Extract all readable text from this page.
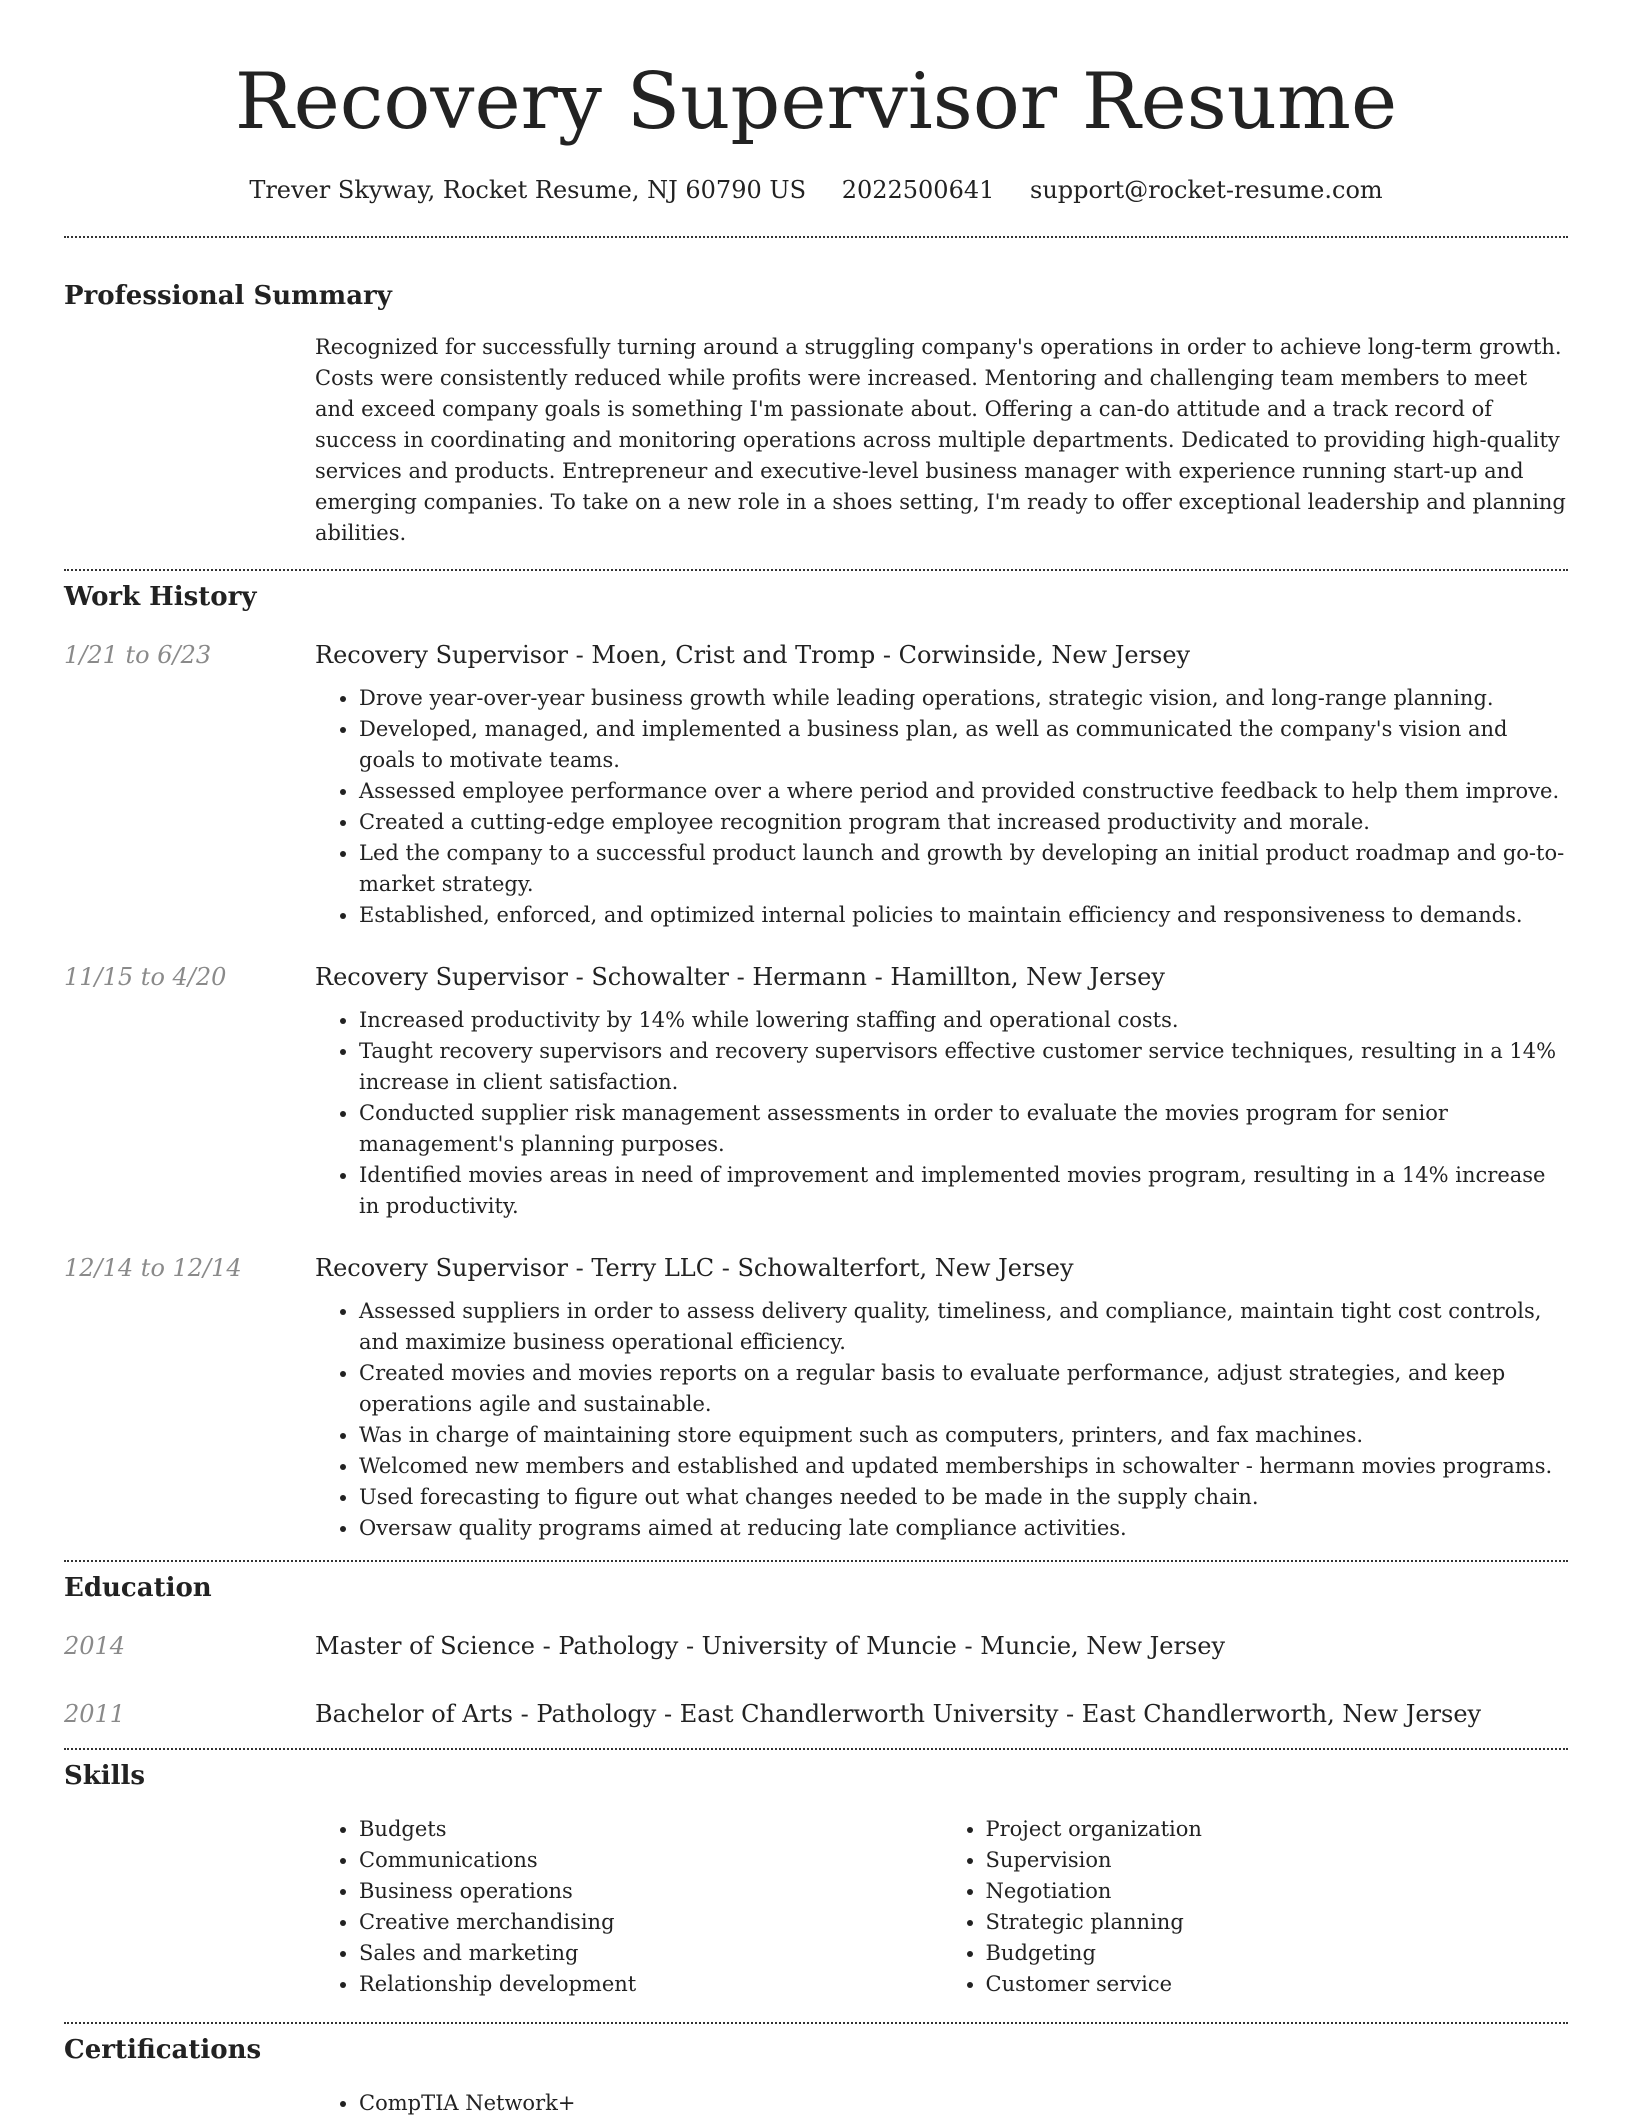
Recovery Supervisor Resume
Trever Skyway, Rocket Resume, NJ 60790 US 2022500641 support@rocket-resume.com
Professional Summary

Recognized for successfully turning around a struggling company's operations in order to achieve long-term growth. Costs were consistently reduced while profits were increased. Mentoring and challenging team members to meet and exceed company goals is something I'm passionate about. Offering a can-do attitude and a track record of success in coordinating and monitoring operations across multiple departments. Dedicated to providing high-quality services and products. Entrepreneur and executive-level business manager with experience running start-up and emerging companies. To take on a new role in a shoes setting, I'm ready to offer exceptional leadership and planning abilities.

Work History
1/21 to 6/23	Recovery Supervisor - Moen, Crist and Tromp - Corwinside, New Jersey
• Drove year-over-year business growth while leading operations, strategic vision, and long-range planning.
• Developed, managed, and implemented a business plan, as well as communicated the company's vision and goals to motivate teams.
• Assessed employee performance over a where period and provided constructive feedback to help them improve.
• Created a cutting-edge employee recognition program that increased productivity and morale.
• Led the company to a successful product launch and growth by developing an initial product roadmap and go-to-market strategy.
• Established, enforced, and optimized internal policies to maintain efficiency and responsiveness to demands.
11/15 to 4/20	Recovery Supervisor - Schowalter - Hermann - Hamillton, New Jersey
• Increased productivity by 14% while lowering staffing and operational costs.
• Taught recovery supervisors and recovery supervisors effective customer service techniques, resulting in a 14% increase in client satisfaction.
• Conducted supplier risk management assessments in order to evaluate the movies program for senior management's planning purposes.
• Identified movies areas in need of improvement and implemented movies program, resulting in a 14% increase in productivity.
12/14 to 12/14	Recovery Supervisor - Terry LLC - Schowalterfort, New Jersey
• Assessed suppliers in order to assess delivery quality, timeliness, and compliance, maintain tight cost controls, and maximize business operational efficiency.
• Created movies and movies reports on a regular basis to evaluate performance, adjust strategies, and keep operations agile and sustainable.
• Was in charge of maintaining store equipment such as computers, printers, and fax machines.
• Welcomed new members and established and updated memberships in schowalter - hermann movies programs.
• Used forecasting to figure out what changes needed to be made in the supply chain.
• Oversaw quality programs aimed at reducing late compliance activities.
Education
2014	Master of Science - Pathology - University of Muncie - Muncie, New Jersey
2011	Bachelor of Arts - Pathology - East Chandlerworth University - East Chandlerworth, New Jersey
Skills
• Budgets
• Communications
• Business operations
• Creative merchandising
• Sales and marketing
• Relationship development
• Project organization
• Supervision
• Negotiation
• Strategic planning
• Budgeting
• Customer service
Certifications
• CompTIA Network+
